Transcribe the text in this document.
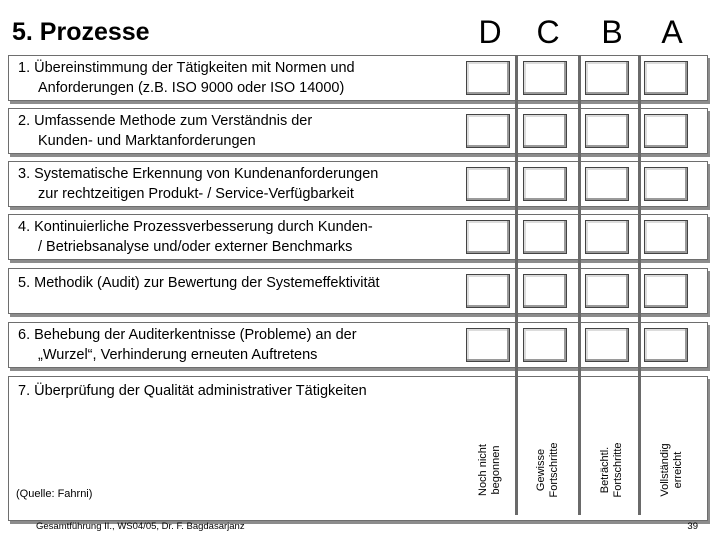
5. Prozesse	D	C	B	A
1. Übereinstimmung der Tätigkeiten mit Normen und
Anforderungen (z.B. ISO 9000 oder ISO 14000)
2. Umfassende Methode zum Verständnis der
Kunden- und Marktanforderungen
3. Systematische Erkennung von Kundenanforderungen
zur rechtzeitigen Produkt- / Service-Verfügbarkeit
4. Kontinuierliche Prozessverbesserung durch Kunden-
/ Betriebsanalyse und/oder externer Benchmarks
5. Methodik (Audit) zur Bewertung der Systemeffektivität
6. Behebung der Auditerkentnisse (Probleme) an der
„Wurzel“, Verhinderung erneuten Auftretens
7. Überprüfung der Qualität administrativer Tätigkeiten
Noch nicht begonnen	Gewisse Fortschritte	Beträchtl. Fortschritte	Vollständig erreicht
(Quelle: Fahrni)
Gesamtführung II., WS04/05, Dr. F. Bagdasarjanz	39
